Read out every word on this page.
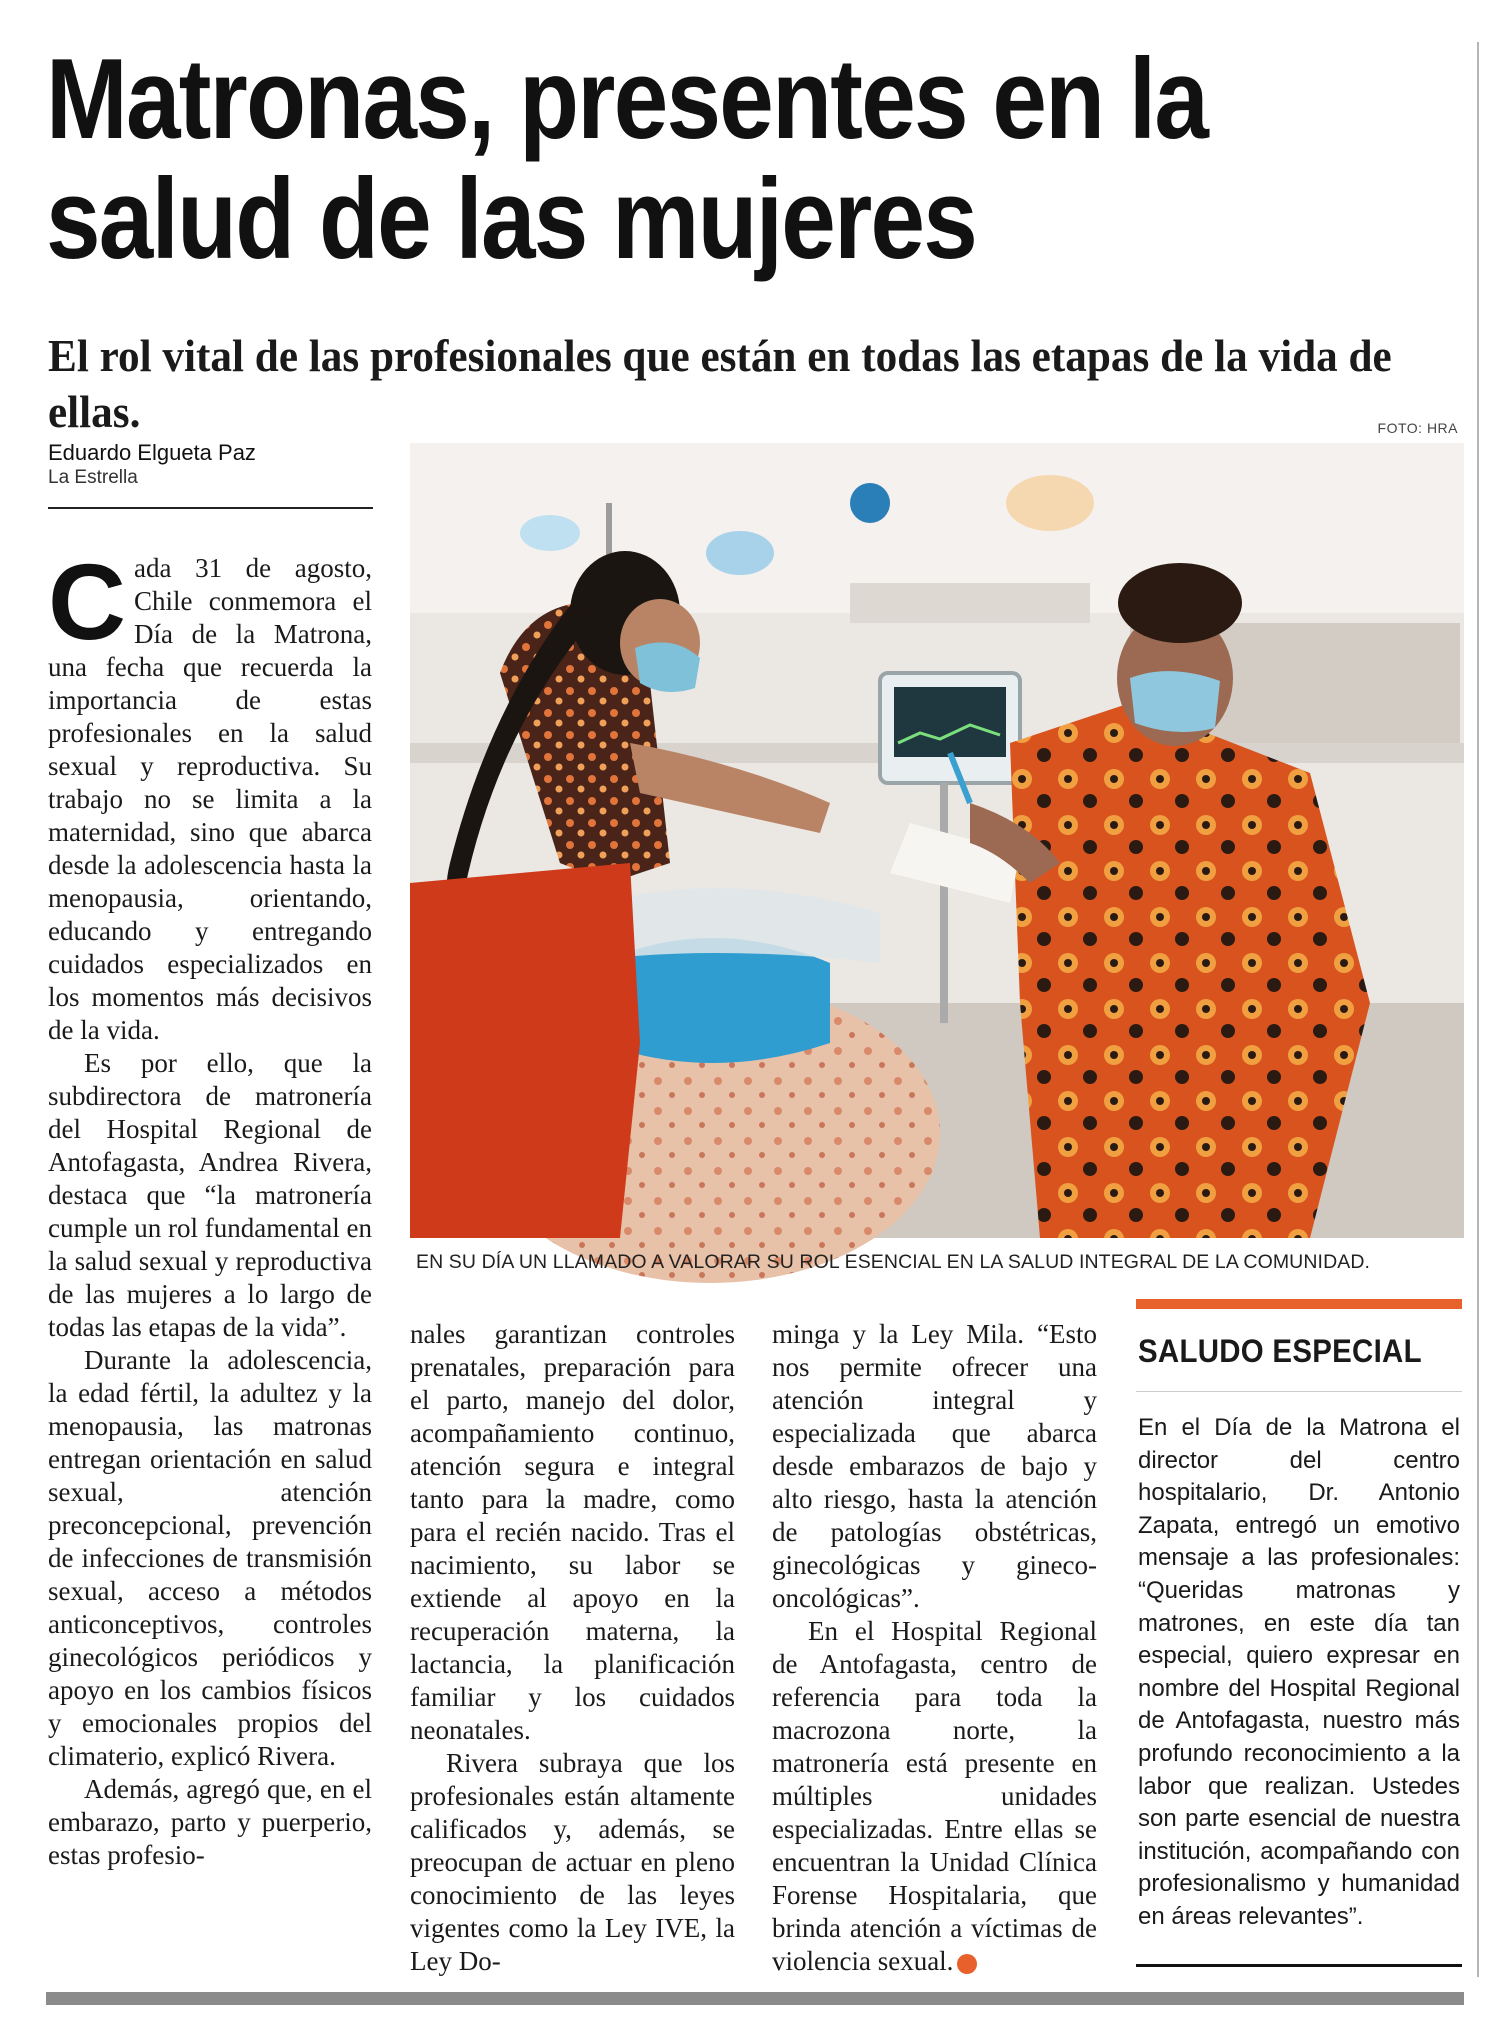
Matronas, presentes en la salud de las mujeres
El rol vital de las profesionales que están en todas las etapas de la vida de ellas.
Eduardo Elgueta Paz
La Estrella
FOTO: HRA
EN SU DÍA UN LLAMADO A VALORAR SU ROL ESENCIAL EN LA SALUD INTEGRAL DE LA COMUNIDAD.

Cada 31 de agosto, Chile conmemora el Día de la Matrona, una fecha que recuerda la importancia de estas profesionales en la salud sexual y reproductiva. Su trabajo no se limita a la maternidad, sino que abarca desde la adolescencia hasta la menopausia, orientando, educando y entregando cuidados especializados en los momentos más decisivos de la vida.

Es por ello, que la subdirectora de matronería del Hospital Regional de Antofagasta, Andrea Rivera, destaca que “la matronería cumple un rol fundamental en la salud sexual y reproductiva de las mujeres a lo largo de todas las etapas de la vida”.

Durante la adolescencia, la edad fértil, la adultez y la menopausia, las matronas entregan orientación en salud sexual, atención preconcepcional, prevención de infecciones de transmisión sexual, acceso a métodos anticonceptivos, controles ginecológicos periódicos y apoyo en los cambios físicos y emocionales propios del climaterio, explicó Rivera.

Además, agregó que, en el embarazo, parto y puerperio, estas profesio-

nales garantizan controles prenatales, preparación para el parto, manejo del dolor, acompañamiento continuo, atención segura e integral tanto para la madre, como para el recién nacido. Tras el nacimiento, su labor se extiende al apoyo en la recuperación materna, la lactancia, la planificación familiar y los cuidados neonatales.

Rivera subraya que los profesionales están altamente calificados y, además, se preocupan de actuar en pleno conocimiento de las leyes vigentes como la Ley IVE, la Ley Do-

minga y la Ley Mila. “Esto nos permite ofrecer una atención integral y especializada que abarca desde embarazos de bajo y alto riesgo, hasta la atención de patologías obstétricas, ginecológicas y gineco-oncológicas”.

En el Hospital Regional de Antofagasta, centro de referencia para toda la macrozona norte, la matronería está presente en múltiples unidades especializadas. Entre ellas se encuentran la Unidad Clínica Forense Hospitalaria, que brinda atención a víctimas de violencia sexual.	✪

SALUDO ESPECIAL

En el Día de la Matrona el director del centro hospitalario, Dr. Antonio Zapata, entregó un emotivo mensaje a las profesionales: “Queridas matronas y matrones, en este día tan especial, quiero expresar en nombre del Hospital Regional de Antofagasta, nuestro más profundo reconocimiento a la labor que realizan. Ustedes son parte esencial de nuestra institución, acompañando con profesionalismo y humanidad en áreas relevantes”.
